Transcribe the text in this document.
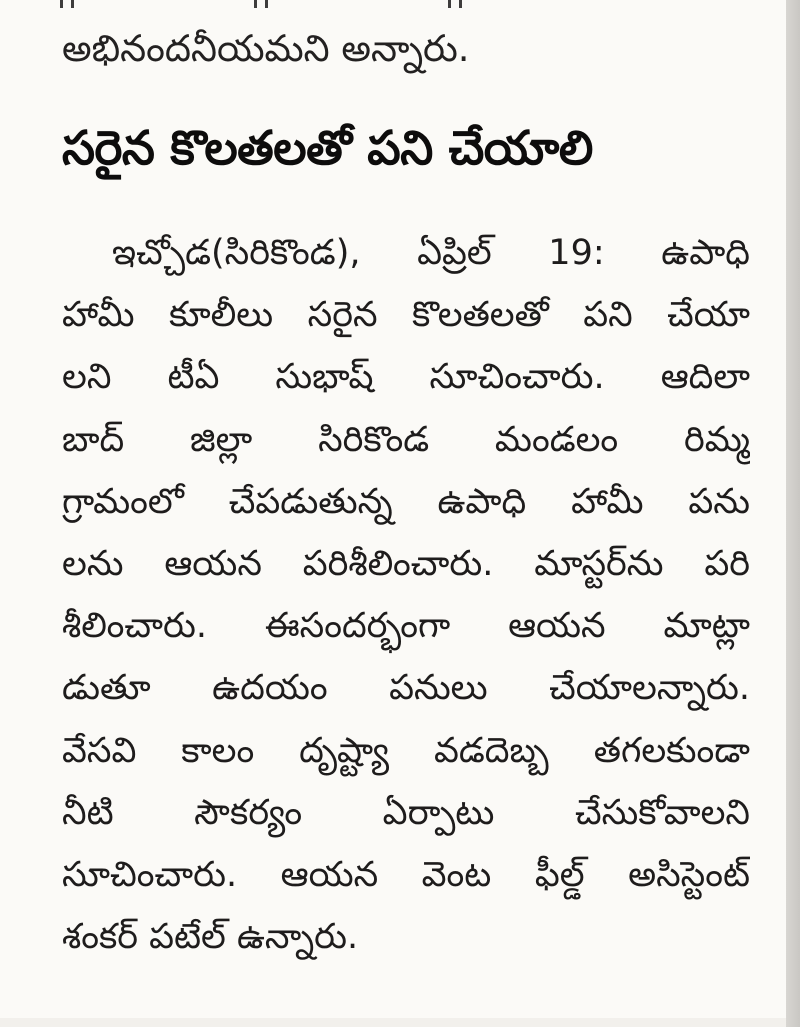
అభినందనీయమని అన్నారు.
సరైన కొలతలతో పని చేయాలి
ఇచ్చోడ(సిరికొండ), ఏప్రిల్ 19: ఉపాధి
హామీ కూలీలు సరైన కొలతలతో పని చేయా
లని టీఏ సుభాష్ సూచించారు. ఆదిలా
బాద్ జిల్లా సిరికొండ మండలం రిమ్మ
గ్రామంలో చేపడుతున్న ఉపాధి హామీ పను
లను ఆయన పరిశీలించారు. మాస్టర్‌ను పరి
శీలించారు. ఈసందర్భంగా ఆయన మాట్లా
డుతూ ఉదయం పనులు చేయాలన్నారు.
వేసవి కాలం దృష్ట్యా వడదెబ్బ తగలకుండా
నీటి సౌకర్యం ఏర్పాటు చేసుకోవాలని
సూచించారు. ఆయన వెంట ఫీల్డ్ అసిస్టెంట్
శంకర్ పటేల్ ఉన్నారు.
